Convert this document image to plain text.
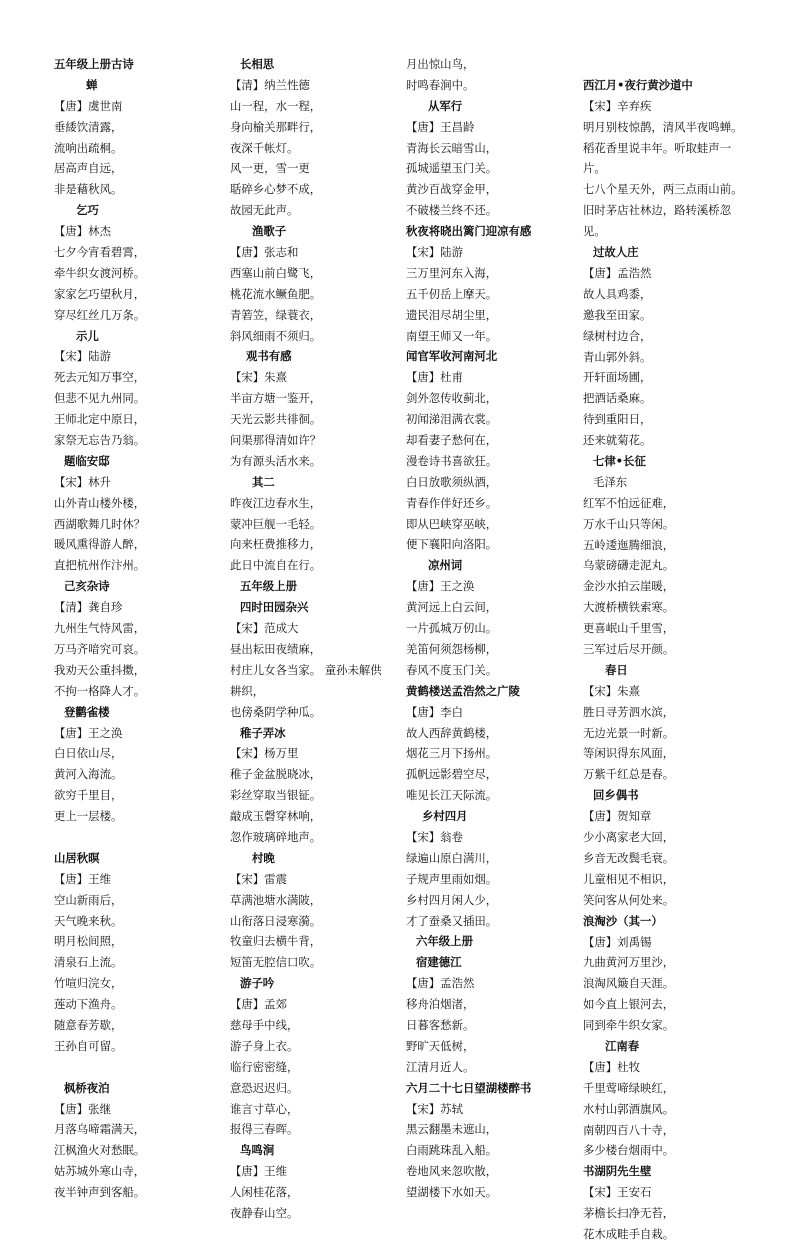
五年级上册古诗
蝉
【唐】虞世南
垂緌饮清露，
流响出疏桐。
居高声自远，
非是藉秋风。
乞巧
【唐】林杰
七夕今宵看碧霄，
牵牛织女渡河桥。
家家乞巧望秋月，
穿尽红丝几万条。
示儿
【宋】陆游
死去元知万事空，
但悲不见九州同。
王师北定中原日，
家祭无忘告乃翁。
题临安邸
【宋】林升
山外青山楼外楼，
西湖歌舞几时休？
暖风熏得游人醉，
直把杭州作汴州。
己亥杂诗
【清】龚自珍
九州生气恃风雷，
万马齐喑究可哀。
我劝天公重抖擞，
不拘一格降人才。
登鹳雀楼
【唐】王之涣
白日依山尽，
黄河入海流。
欲穷千里目，
更上一层楼。
山居秋暝
【唐】王维
空山新雨后，
天气晚来秋。
明月松间照，
清泉石上流。
竹喧归浣女，
莲动下渔舟。
随意春芳歇，
王孙自可留。
枫桥夜泊
【唐】张继
月落乌啼霜满天，
江枫渔火对愁眠。
姑苏城外寒山寺，
夜半钟声到客船。
长相思
【清】纳兰性德
山一程，水一程，
身向榆关那畔行，
夜深千帐灯。
风一更，雪一更
聒碎乡心梦不成，
故园无此声。
渔歌子
【唐】张志和
西塞山前白鹭飞，
桃花流水鳜鱼肥。
青箬笠，绿蓑衣，
斜风细雨不须归。
观书有感
【宋】朱熹
半亩方塘一鉴开，
天光云影共徘徊。
问渠那得清如许？
为有源头活水来。
其二
昨夜江边春水生，
蒙冲巨舰一毛轻。
向来枉费推移力，
此日中流自在行。
五年级上册
四时田园杂兴
【宋】范成大
昼出耘田夜绩麻，
村庄儿女各当家。 童孙未解供
耕织，
也傍桑阴学种瓜。
稚子弄冰
【宋】杨万里
稚子金盆脱晓冰，
彩丝穿取当银钲。
敲成玉磬穿林响，
忽作玻璃碎地声。
村晚
【宋】雷震
草满池塘水满陂，
山衔落日浸寒漪。
牧童归去横牛背，
短笛无腔信口吹。
游子吟
【唐】孟郊
慈母手中线，
游子身上衣。
临行密密缝，
意恐迟迟归。
谁言寸草心，
报得三春晖。
鸟鸣涧
【唐】王维
人闲桂花落，
夜静春山空。
月出惊山鸟，
时鸣春涧中。
从军行
【唐】王昌龄
青海长云暗雪山，
孤城遥望玉门关。
黄沙百战穿金甲，
不破楼兰终不还。
秋夜将晓出篱门迎凉有感
【宋】陆游
三万里河东入海，
五千仞岳上摩天。
遗民泪尽胡尘里，
南望王师又一年。
闻官军收河南河北
【唐】杜甫
剑外忽传收蓟北，
初闻涕泪满衣裳。
却看妻子愁何在，
漫卷诗书喜欲狂。
白日放歌须纵酒，
青春作伴好还乡。
即从巴峡穿巫峡，
便下襄阳向洛阳。
凉州词
【唐】王之涣
黄河远上白云间，
一片孤城万仞山。
羌笛何须怨杨柳，
春风不度玉门关。
黄鹤楼送孟浩然之广陵
【唐】李白
故人西辞黄鹤楼，
烟花三月下扬州。
孤帆远影碧空尽，
唯见长江天际流。
乡村四月
【宋】翁卷
绿遍山原白满川，
子规声里雨如烟。
乡村四月闲人少，
才了蚕桑又插田。
六年级上册
宿建德江
【唐】孟浩然
移舟泊烟渚，
日暮客愁新。
野旷天低树，
江清月近人。
六月二十七日望湖楼醉书
【宋】苏轼
黑云翻墨未遮山，
白雨跳珠乱入船。
卷地风来忽吹散，
望湖楼下水如天。
西江月•夜行黄沙道中
【宋】辛弃疾
明月别枝惊鹊，清风半夜鸣蝉。稻花香里说丰年。听取蛙声一片。
七八个星天外，两三点雨山前。旧时茅店社林边，路转溪桥忽见。
过故人庄
【唐】孟浩然
故人具鸡黍，
邀我至田家。
绿树村边合，
青山郭外斜。
开轩面场圃，
把酒话桑麻。
待到重阳日，
还来就菊花。
七律•长征
毛泽东
红军不怕远征难，
万水千山只等闲。
五岭逶迤腾细浪，
乌蒙磅礴走泥丸。
金沙水拍云崖暖，
大渡桥横铁索寒。
更喜岷山千里雪，
三军过后尽开颜。
春日
【宋】朱熹
胜日寻芳泗水滨，
无边光景一时新。
等闲识得东风面，
万紫千红总是春。
回乡偶书
【唐】贺知章
少小离家老大回，
乡音无改鬓毛衰。
儿童相见不相识，
笑问客从何处来。
浪淘沙（其一）
【唐】刘禹锡
九曲黄河万里沙，
浪淘风簸自天涯。
如今直上银河去，
同到牵牛织女家。
江南春
【唐】杜牧
千里莺啼绿映红，
水村山郭酒旗风。
南朝四百八十寺，
多少楼台烟雨中。
书湖阴先生壁
【宋】王安石
茅檐长扫净无苔，
花木成畦手自栽。
